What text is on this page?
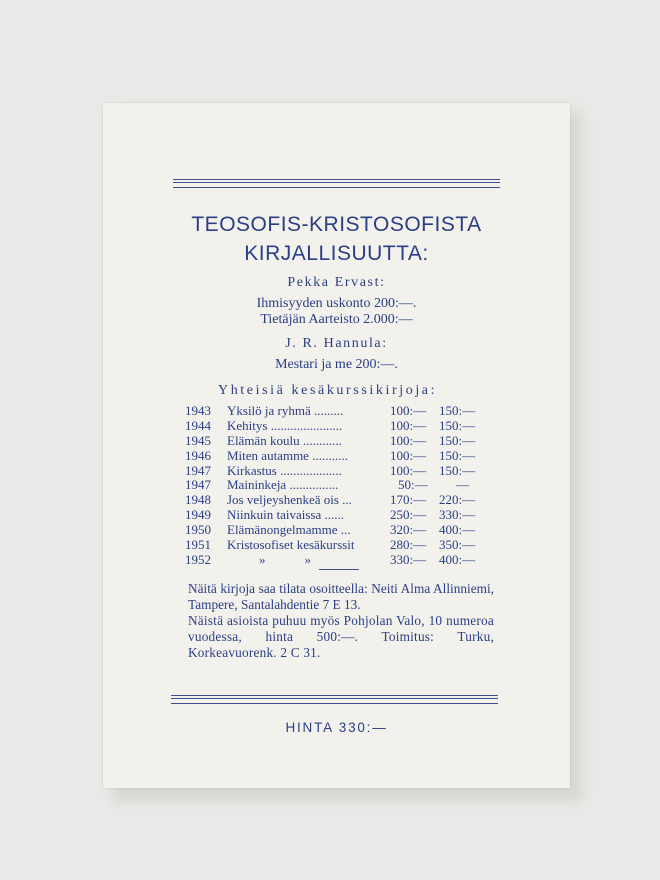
TEOSOFIS-KRISTOSOFISTA
KIRJALLISUUTTA:
Pekka Ervast:
Ihmisyyden uskonto 200:—.
Tietäjän Aarteisto 2.000:—
J. R. Hannula:
Mestari ja me 200:—.
Yhteisiä kesäkurssikirjoja:
1943 Yksilö ja ryhmä .........	100:— 150:—
1944 Kehitys ......................	100:— 150:—
1945 Elämän koulu ............	100:— 150:—
1946 Miten autamme ...........	100:— 150:—
1947 Kirkastus ...................	100:— 150:—
1947 Maininkeja ...............	50:— —
1948 Jos veljeyshenkeä ois ...	170:— 220:—
1949 Niinkuin taivaissa ......	250:— 330:—
1950 Elämänongelmamme ...	320:— 400:—
1951 Kristosofiset kesäkurssit	280:— 350:—
1952	»            »	330:— 400:—
Näitä kirjoja saa tilata osoitteella: Neiti Alma Allinniemi, Tampere, Santalahdentie 7 E 13.
Näistä asioista puhuu myös Pohjolan Valo, 10 numeroa vuodessa, hinta 500:—. Toimitus: Turku, Korkeavuorenk. 2 C 31.
HINTA 330:—
